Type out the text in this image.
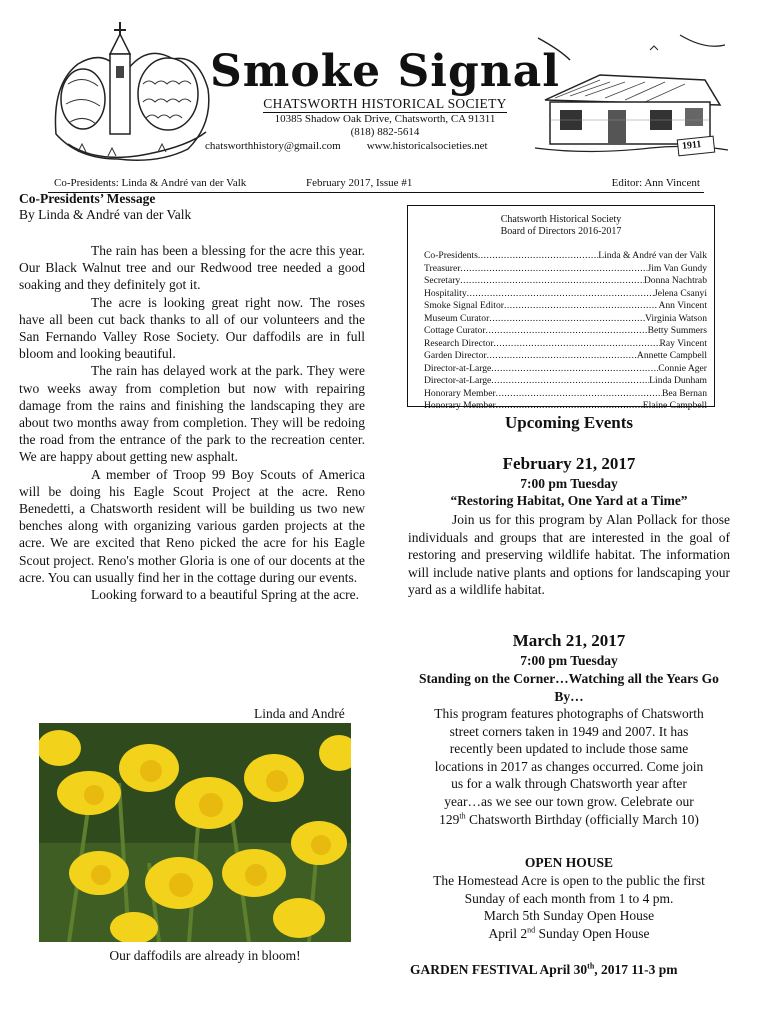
1911
Smoke Signal
CHATSWORTH HISTORICAL SOCIETY
10385 Shadow Oak Drive, Chatsworth, CA 91311
(818) 882-5614
chatsworthhistory@gmail.com www.historicalsocieties.net
Co-Presidents: Linda & André van der Valk	February 2017, Issue #1	Editor: Ann Vincent
Co-Presidents’ Message
By Linda & André van der Valk

The rain has been a blessing for the acre this year. Our Black Walnut tree and our Redwood tree needed a good soaking and they definitely got it.

The acre is looking great right now. The roses have all been cut back thanks to all of our volunteers and the San Fernando Valley Rose Society. Our daffodils are in full bloom and looking beautiful.

The rain has delayed work at the park. They were two weeks away from completion but now with repairing damage from the rains and finishing the landscaping they are about two months away from completion. They will be redoing the road from the entrance of the park to the recreation center. We are happy about getting new asphalt.

A member of Troop 99 Boy Scouts of America will be doing his Eagle Scout Project at the acre. Reno Benedetti, a Chatsworth resident will be building us two new benches along with organizing various garden projects at the acre. We are excited that Reno picked the acre for his Eagle Scout project. Reno's mother Gloria is one of our docents at the acre. You can usually find her in the cottage during our events.

Looking forward to a beautiful Spring at the acre.

Linda and André
Our daffodils are already in bloom!
Chatsworth Historical Society
Board of Directors 2016-2017
Co-Presidents .....	Linda & André van der Valk
Treasurer .....	Jim Van Gundy
Secretary .....	Donna Nachtrab
Hospitality .....	Jelena Csanyi
Smoke Signal Editor .....	Ann Vincent
Museum Curator .....	Virginia Watson
Cottage Curator .....	Betty Summers
Research Director .....	Ray Vincent
Garden Director .....	Annette Campbell
Director-at-Large .....	Connie Ager
Director-at-Large .....	Linda Dunham
Honorary Member .....	Bea Bernan
Honorary Member .....	Elaine Campbell
Upcoming Events
February 21, 2017
7:00 pm Tuesday
“Restoring Habitat, One Yard at a Time”

Join us for this program by Alan Pollack for those individuals and groups that are interested in the goal of restoring and preserving wildlife habitat. The information will include native plants and options for landscaping your yard as a wildlife habitat.

March 21, 2017
7:00 pm Tuesday
Standing on the Corner…Watching all the Years Go By…
This program features photographs of Chatsworth
street corners taken in 1949 and 2007. It has
recently been updated to include those same
locations in 2017 as changes occurred. Come join
us for a walk through Chatsworth year after
year…as we see our town grow. Celebrate our
129th Chatsworth Birthday (officially March 10)
OPEN HOUSE
The Homestead Acre is open to the public the first
Sunday of each month from 1 to 4 pm.
March 5th Sunday Open House
April 2nd Sunday Open House
GARDEN FESTIVAL April 30th, 2017 11-3 pm
